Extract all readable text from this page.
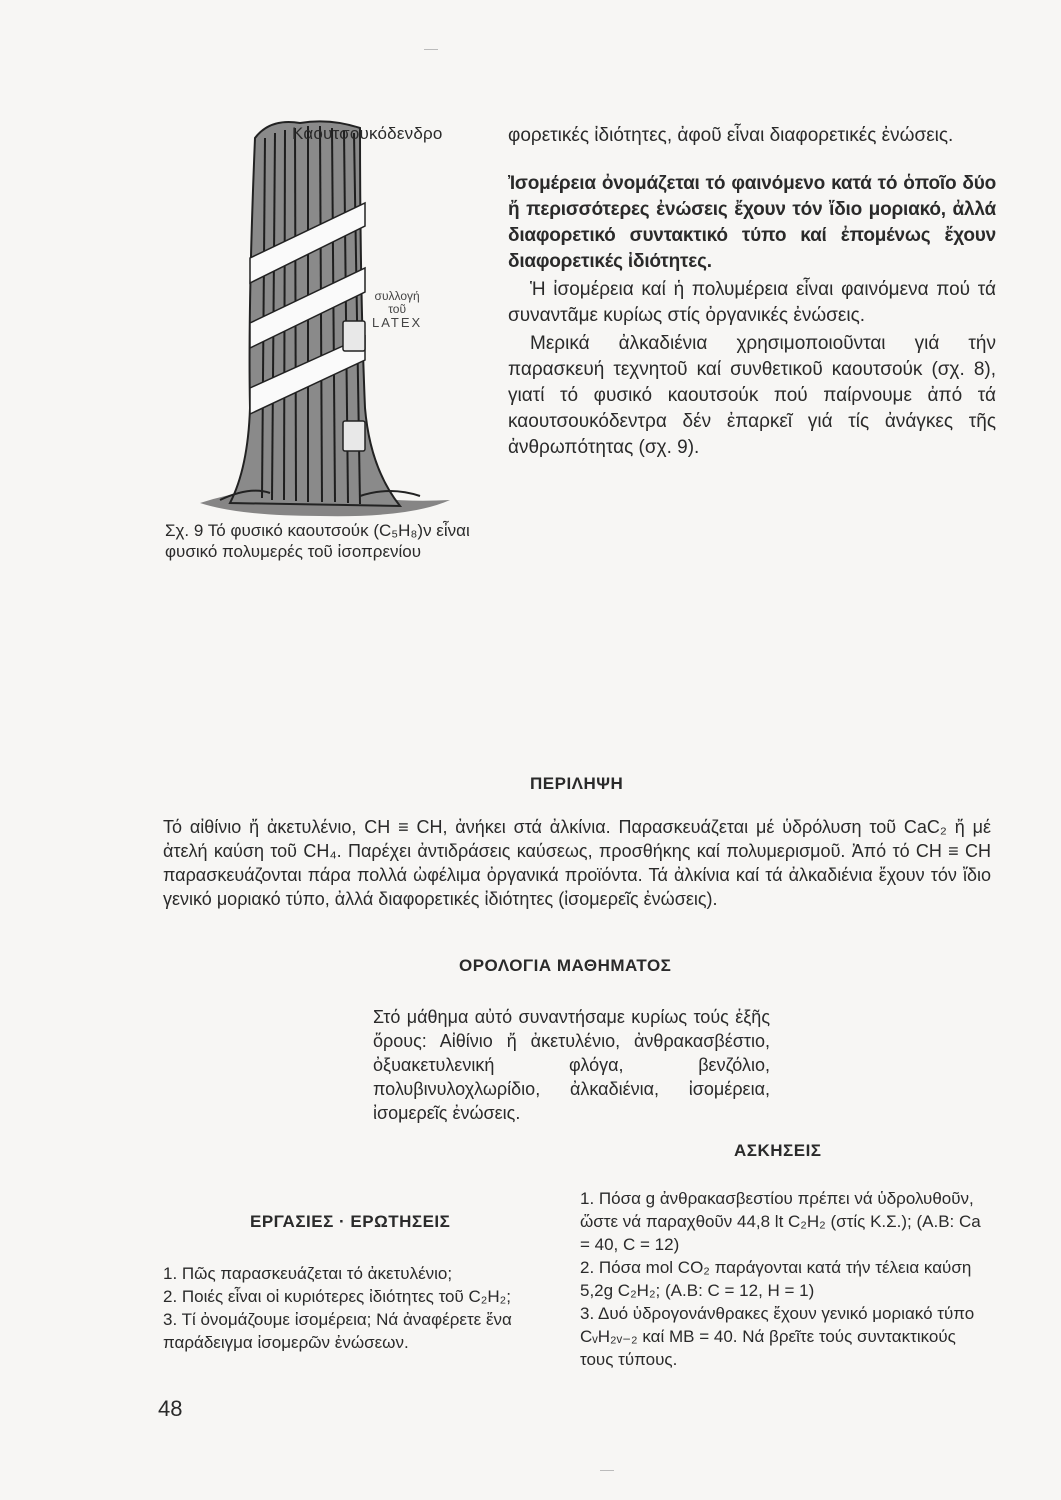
Καουτσουκόδενδρο
συλλογή
τοῦ
LATEX
Σχ. 9 Τό φυσικό καουτσούκ (C₅H₈)ν εἶναι φυσικό πολυμερές τοῦ ἰσοπρενίου

φορετικές ἰδιότητες, ἀφοῦ εἶναι διαφορετικές ἐνώσεις.

Ἰσομέρεια ὀνομάζεται τό φαινόμενο κατά τό ὁποῖο δύο ἤ περισσότερες ἐνώσεις ἔχουν τόν ἴδιο μοριακό, ἀλλά διαφορετικό συντακτικό τύπο καί ἐπομένως ἔχουν διαφορετικές ἰδιότητες.

Ἡ ἰσομέρεια καί ἡ πολυμέρεια εἶναι φαινόμενα πού τά συναντᾶμε κυρίως στίς ὀργανικές ἐνώσεις.

Μερικά ἀλκαδιένια χρησιμοποιοῦνται γιά τήν παρασκευή τεχνητοῦ καί συνθετικοῦ καουτσούκ (σχ. 8), γιατί τό φυσικό καουτσούκ πού παίρνουμε ἀπό τά καουτσουκόδεντρα δέν ἐπαρκεῖ γιά τίς ἀνάγκες τῆς ἀνθρωπότητας (σχ. 9).

ΠΕΡΙΛΗΨΗ
Τό αἰθίνιο ἤ ἀκετυλένιο, CH ≡ CH, ἀνήκει στά ἀλκίνια. Παρασκευάζεται μέ ὑδρόλυση τοῦ CaC₂ ἤ μέ ἀτελή καύση τοῦ CH₄. Παρέχει ἀντιδράσεις καύσεως, προσθήκης καί πολυμερισμοῦ. Ἀπό τό CH ≡ CH παρασκευάζονται πάρα πολλά ὠφέλιμα ὀργανικά προϊόντα. Τά ἀλκίνια καί τά ἀλκαδιένια ἔχουν τόν ἴδιο γενικό μοριακό τύπο, ἀλλά διαφορετικές ἰδιότητες (ἰσομερεῖς ἐνώσεις).
ΟΡΟΛΟΓΙΑ ΜΑΘΗΜΑΤΟΣ
Στό μάθημα αὐτό συναντήσαμε κυρίως τούς ἑξῆς ὅρους: Αἰθίνιο ἤ ἀκετυλένιο, ἀνθρακασβέστιο, ὀξυακετυλενική φλόγα, βενζόλιο, πολυβινυλοχλωρίδιο, ἀλκαδιένια, ἰσομέρεια, ἰσομερεῖς ἐνώσεις.
ΑΣΚΗΣΕΙΣ
1. Πόσα g ἀνθρακασβεστίου πρέπει νά ὑδρολυθοῦν, ὥστε νά παραχθοῦν 44,8 lt C₂H₂ (στίς Κ.Σ.); (Α.Β: Ca = 40, C = 12)
2. Πόσα mol CO₂ παράγονται κατά τήν τέλεια καύση 5,2g C₂H₂; (Α.Β: C = 12, H = 1)
3. Δυό ὑδρογονάνθρακες ἔχουν γενικό μοριακό τύπο CᵥH₂ᵥ₋₂ καί ΜΒ = 40. Νά βρεῖτε τούς συντακτικούς τους τύπους.
ΕΡΓΑΣΙΕΣ · ΕΡΩΤΗΣΕΙΣ
1. Πῶς παρασκευάζεται τό ἀκετυλένιο;
2. Ποιές εἶναι οἱ κυριότερες ἰδιότητες τοῦ C₂H₂;
3. Τί ὀνομάζουμε ἰσομέρεια; Νά ἀναφέρετε ἕνα παράδειγμα ἰσομερῶν ἐνώσεων.
48
